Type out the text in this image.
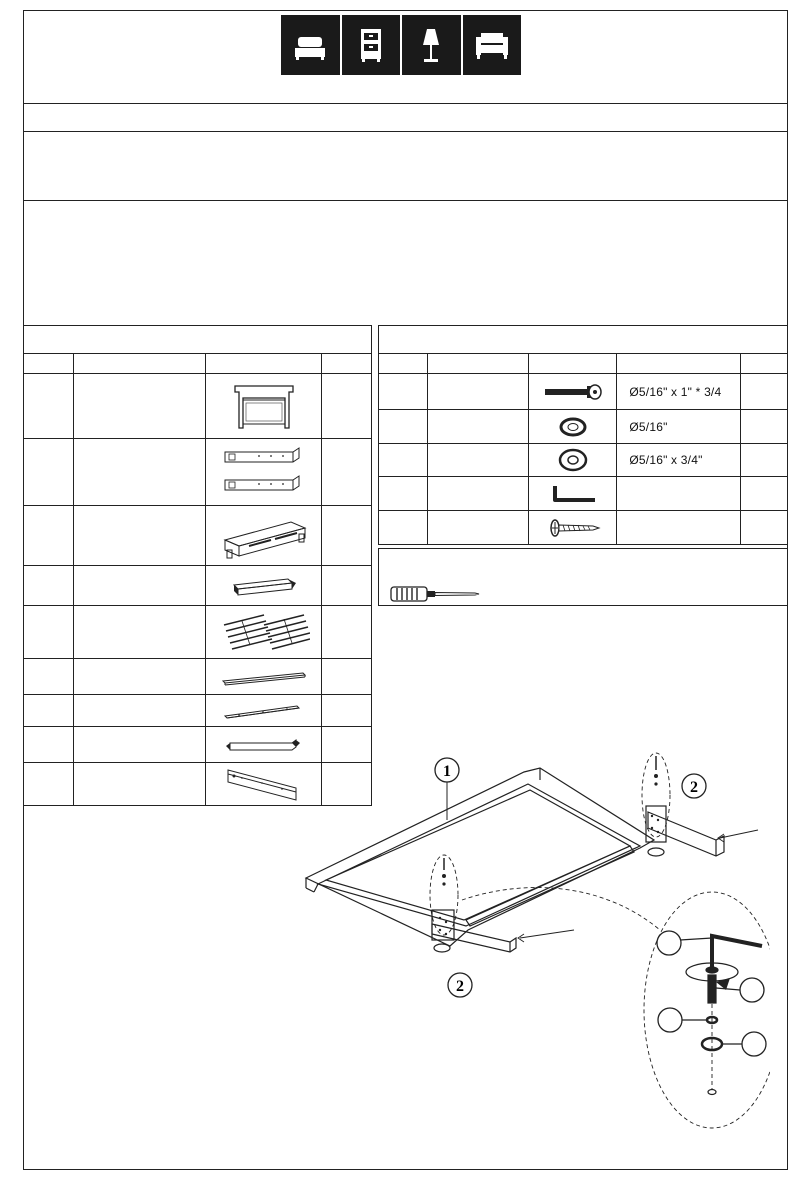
	Ø5/16" x 1" * 3/4	

	Ø5/16"	

	Ø5/16" x 3/4"	

1
2
2
